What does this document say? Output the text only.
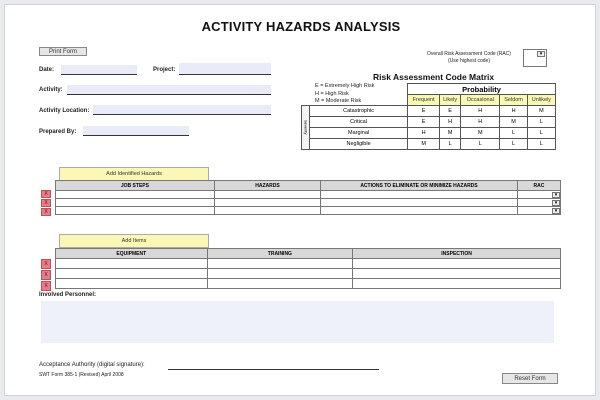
ACTIVITY HAZARDS ANALYSIS
Print Form
Date:	Project:
Activity:
Activity Location:
Prepared By:
Overall Risk Assessment Code (RAC)
(Use highest code)
▾
Risk Assessment Code Matrix
E = Extremely High Risk
H = High Risk
M = Moderate Risk
		Probability				
		Frequent	Likely	Occasional	Seldom	Unlikely
Severity	Catastrophic	E	E	H	H	M
	Critical	E	H	H	M	L
	Marginal	H	M	M	L	L
	Negligible	M	L	L	L	L
Add Identified Hazards
JOB STEPS	HAZARDS	ACTIONS TO ELIMINATE OR MINIMIZE HAZARDS	RAC

			▾

			▾

			▾
X
X
X
Add Items
EQUIPMENT	TRAINING	INSPECTION

X
X
X
Involved Personnel:
Acceptance Authority (digital signature):
SWT Form 385-1 (Revised) April 2008
Reset Form
